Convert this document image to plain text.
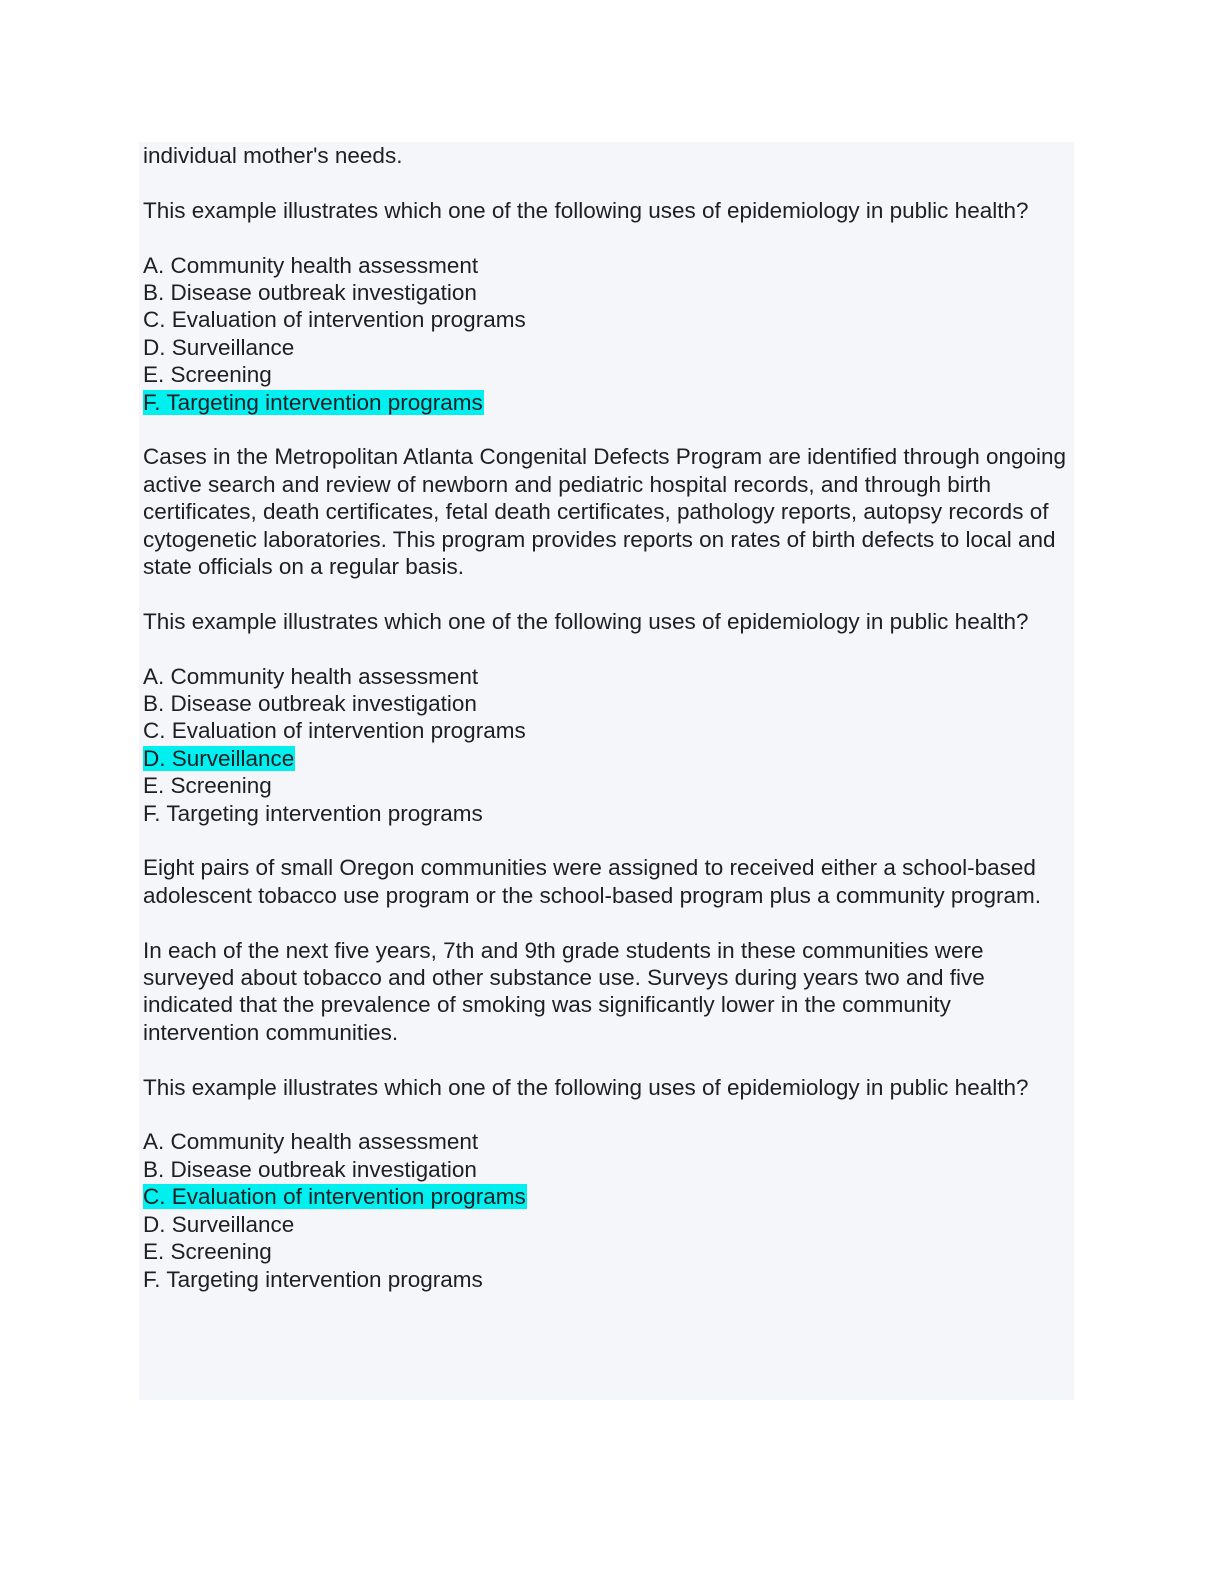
individual mother's needs.

This example illustrates which one of the following uses of epidemiology in public health?

A. Community health assessment

B. Disease outbreak investigation

C. Evaluation of intervention programs

D. Surveillance

E. Screening

F. Targeting intervention programs

Cases in the Metropolitan Atlanta Congenital Defects Program are identified through ongoing active search and review of newborn and pediatric hospital records, and through birth certificates, death certificates, fetal death certificates, pathology reports, autopsy records of cytogenetic laboratories. This program provides reports on rates of birth defects to local and state officials on a regular basis.

This example illustrates which one of the following uses of epidemiology in public health?

A. Community health assessment

B. Disease outbreak investigation

C. Evaluation of intervention programs

D. Surveillance

E. Screening

F. Targeting intervention programs

Eight pairs of small Oregon communities were assigned to received either a school-based adolescent tobacco use program or the school-based program plus a community program.

In each of the next five years, 7th and 9th grade students in these communities were surveyed about tobacco and other substance use. Surveys during years two and five indicated that the prevalence of smoking was significantly lower in the community intervention communities.

This example illustrates which one of the following uses of epidemiology in public health?

A. Community health assessment

B. Disease outbreak investigation

C. Evaluation of intervention programs

D. Surveillance

E. Screening

F. Targeting intervention programs
